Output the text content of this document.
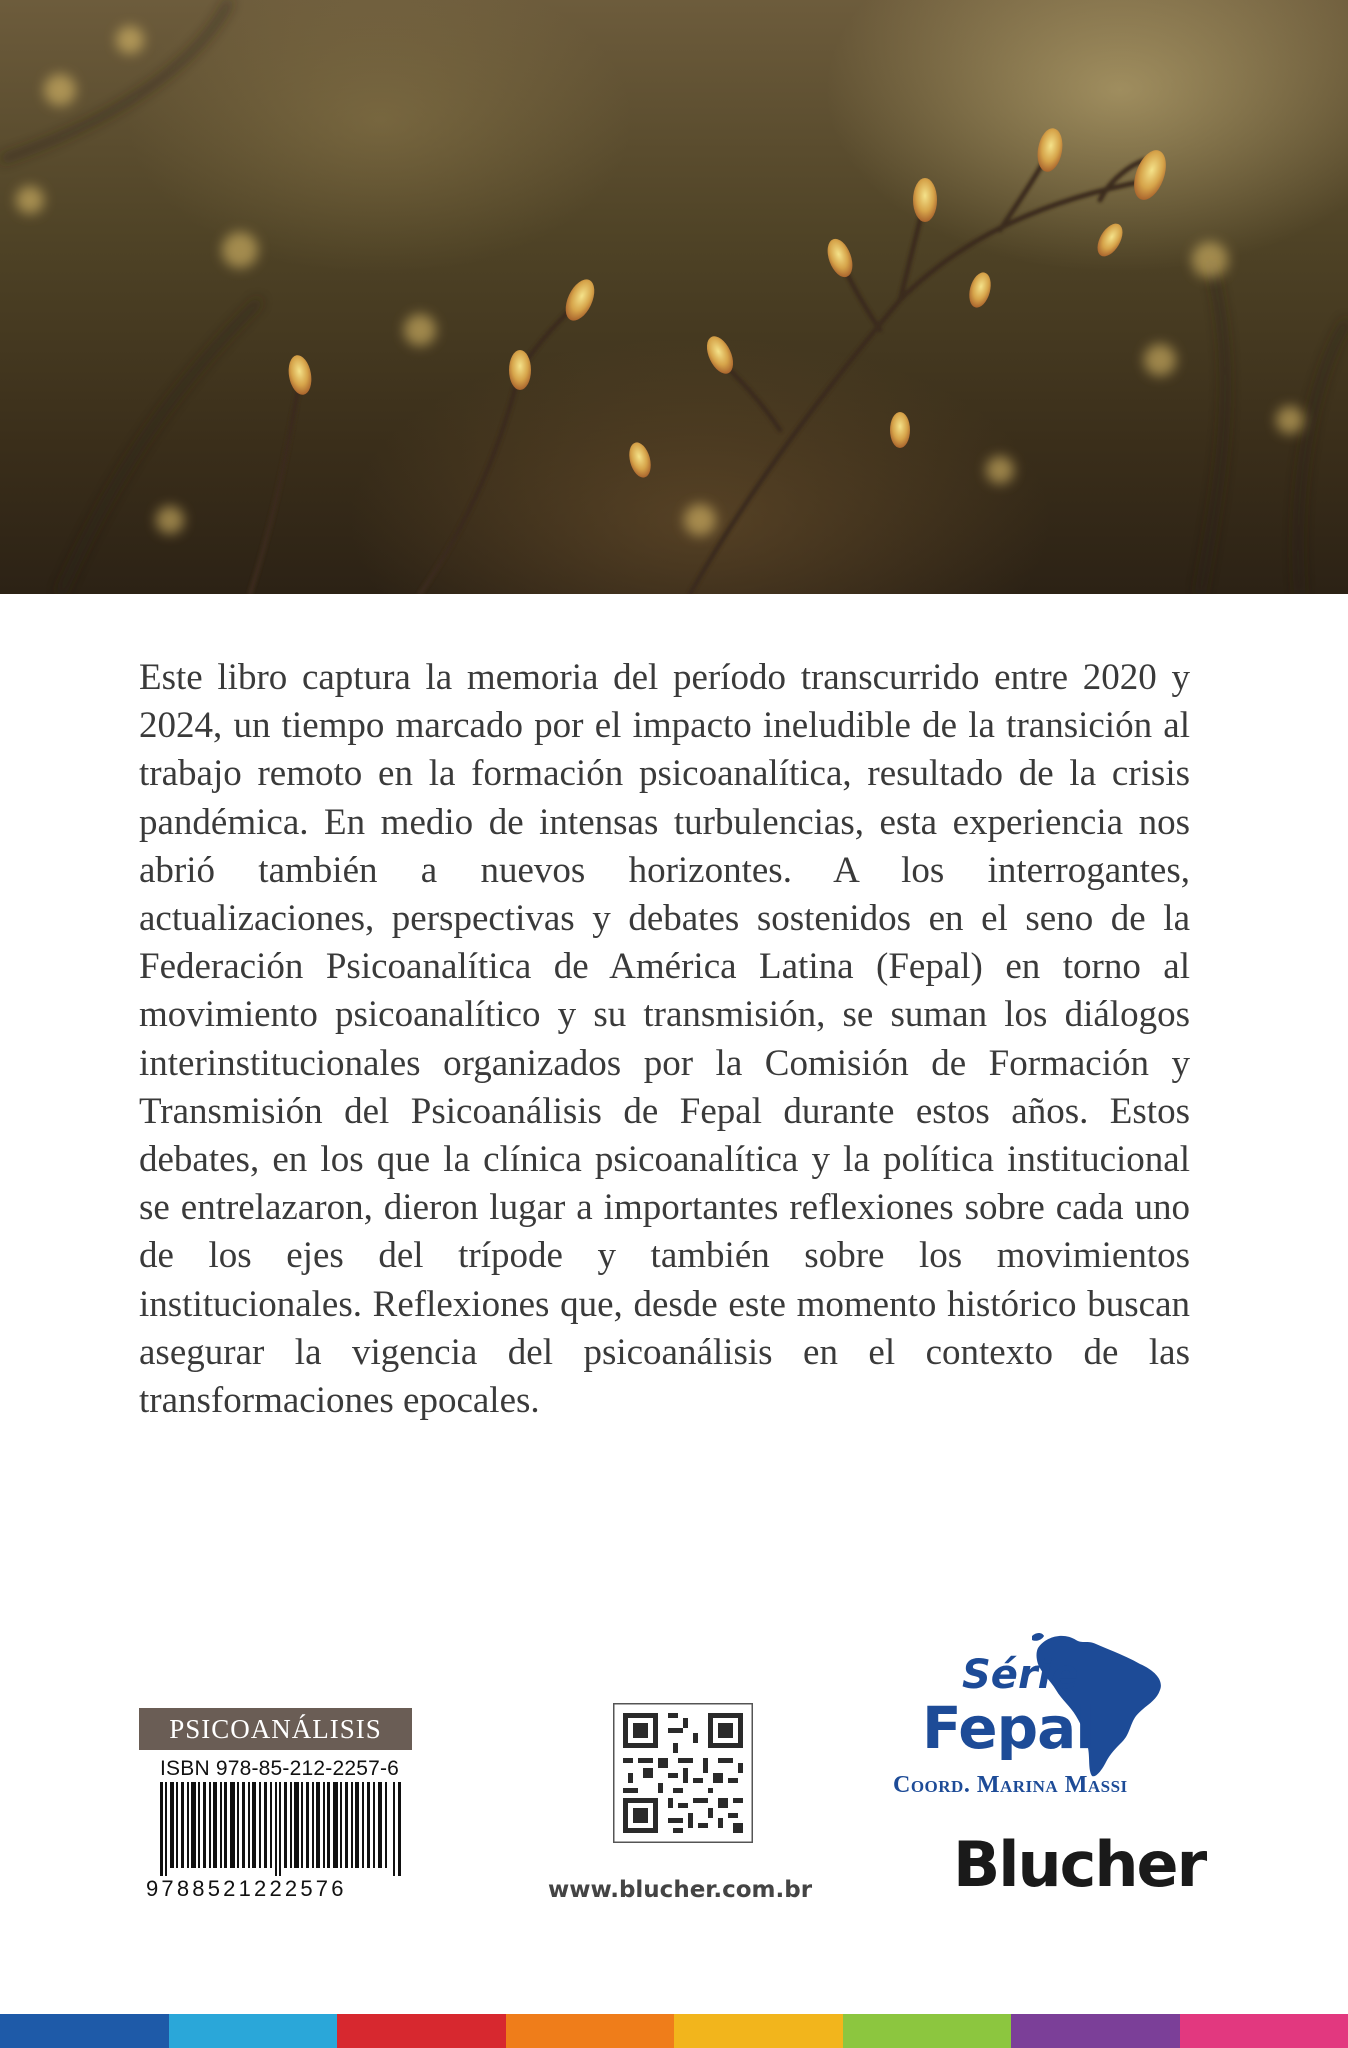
Este libro captura la memoria del período transcurrido entre 2020 y 2024, un tiempo marcado por el impacto ineludible de la transición al trabajo remoto en la formación psicoanalítica, resultado de la crisis pandémica. En medio de intensas turbulencias, esta experiencia nos abrió también a nuevos horizontes. A los interrogantes, actualizaciones, perspectivas y debates sostenidos en el seno de la Federación Psicoanalítica de América Latina (Fepal) en torno al movimiento psicoanalítico y su transmisión, se suman los diálogos interinstitucionales organizados por la Comisión de Formación y Transmisión del Psicoanálisis de Fepal durante estos años. Estos debates, en los que la clínica psicoanalítica y la política institucional se entrelazaron, dieron lugar a importantes reflexiones sobre cada uno de los ejes del trípode y también sobre los movimientos institucionales. Reflexiones que, desde este momento histórico buscan asegurar la vigencia del psicoanálisis en el contexto de las transformaciones epocales.

PSICOANÁLISIS
ISBN 978-85-212-2257-6
9788521222576	www.blucher.com.br
Série
Fepal
Coord. Marina Massi
Blucher
